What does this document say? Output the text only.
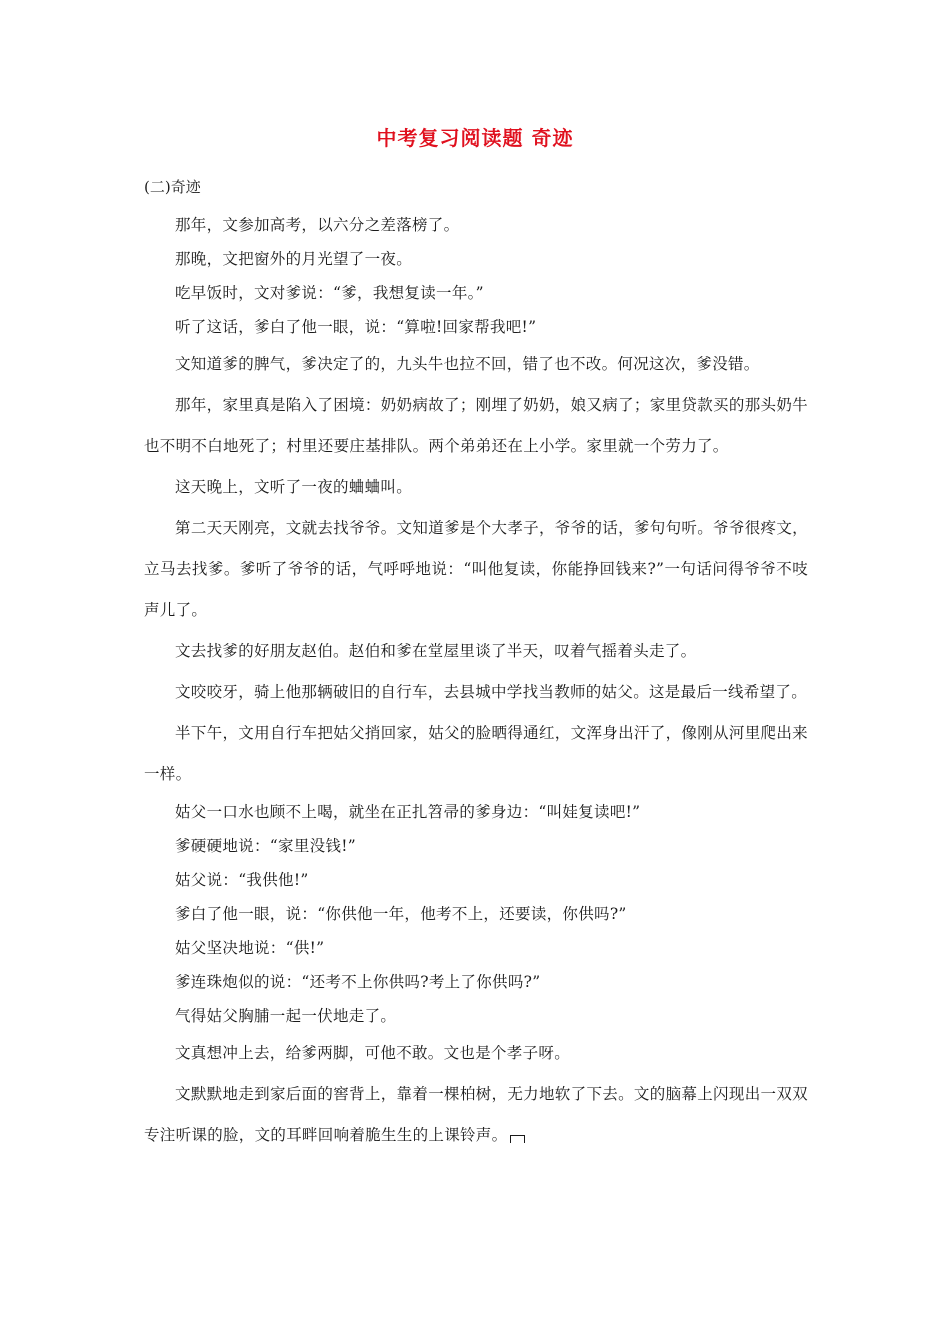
中考复习阅读题 奇迹
(二)奇迹

那年，文参加高考，以六分之差落榜了。

那晚，文把窗外的月光望了一夜。

吃早饭时，文对爹说：“爹，我想复读一年。”

听了这话，爹白了他一眼，说：“算啦!回家帮我吧!”

文知道爹的脾气，爹决定了的，九头牛也拉不回，错了也不改。何况这次，爹没错。

那年，家里真是陷入了困境：奶奶病故了；刚埋了奶奶，娘又病了；家里贷款买的那头奶牛也不明不白地死了；村里还要庄基排队。两个弟弟还在上小学。家里就一个劳力了。

这天晚上，文听了一夜的蛐蛐叫。

第二天天刚亮，文就去找爷爷。文知道爹是个大孝子，爷爷的话，爹句句听。爷爷很疼文，立马去找爹。爹听了爷爷的话，气呼呼地说：“叫他复读，你能挣回钱来?”一句话问得爷爷不吱声儿了。

文去找爹的好朋友赵伯。赵伯和爹在堂屋里谈了半天，叹着气摇着头走了。

文咬咬牙，骑上他那辆破旧的自行车，去县城中学找当教师的姑父。这是最后一线希望了。

半下午，文用自行车把姑父捎回家，姑父的脸晒得通红，文浑身出汗了，像刚从河里爬出来一样。

姑父一口水也顾不上喝，就坐在正扎笤帚的爹身边：“叫娃复读吧!”

爹硬硬地说：“家里没钱!”

姑父说：“我供他!”

爹白了他一眼，说：“你供他一年，他考不上，还要读，你供吗?”

姑父坚决地说：“供!”

爹连珠炮似的说：“还考不上你供吗?考上了你供吗?”

气得姑父胸脯一起一伏地走了。

文真想冲上去，给爹两脚，可他不敢。文也是个孝子呀。

文默默地走到家后面的窖背上，靠着一棵柏树，无力地软了下去。文的脑幕上闪现出一双双专注听课的脸，文的耳畔回响着脆生生的上课铃声。
